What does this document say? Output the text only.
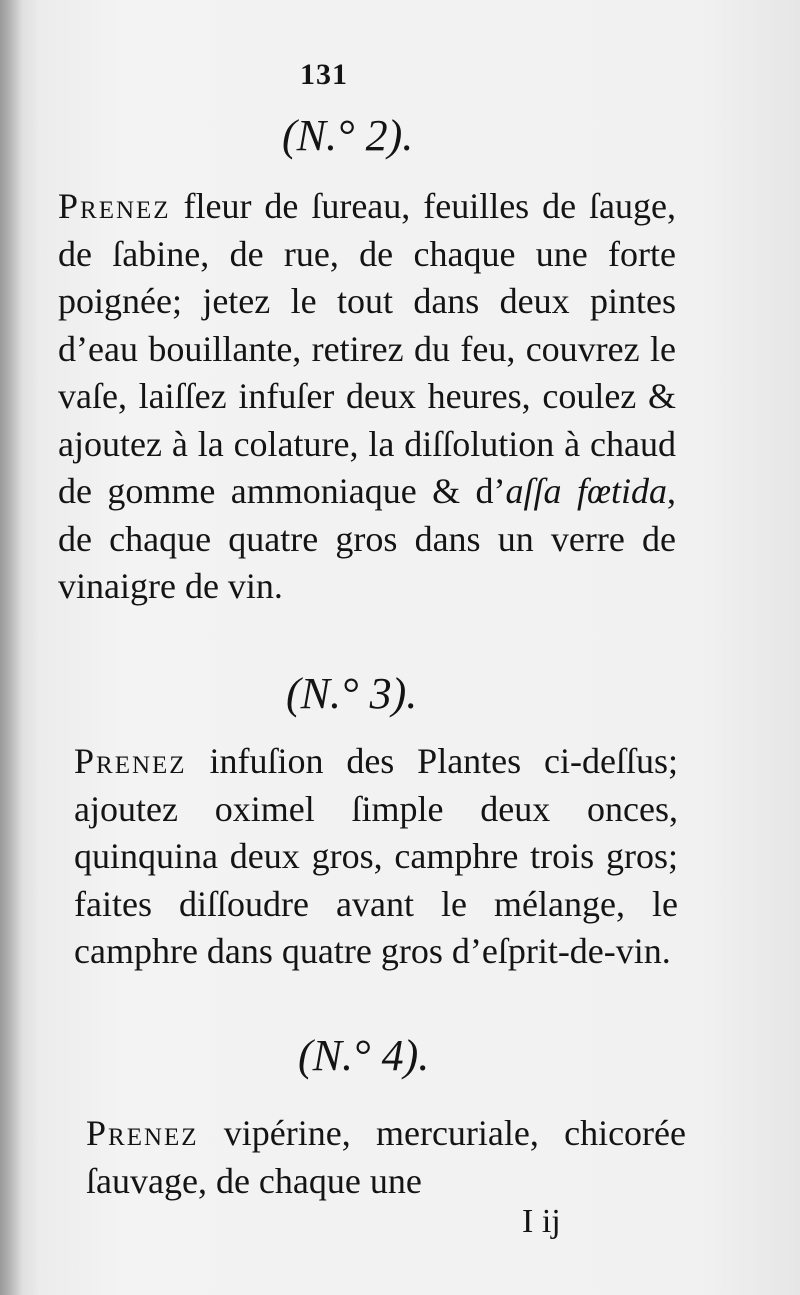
131
(N.° 2).
Prenez fleur de ſureau, feuilles de ſauge, de ſabine, de rue, de chaque une forte poignée; jetez le tout dans deux pintes d’eau bouillante, retirez du feu, couvrez le vaſe, laiſſez infuſer deux heures, coulez & ajoutez à la colature, la diſſolution à chaud de gomme ammoniaque & d’aſſa fœtida, de chaque quatre gros dans un verre de vinaigre de vin.
(N.° 3).
Prenez infuſion des Plantes ci-deſſus; ajoutez oximel ſimple deux onces, quinquina deux gros, camphre trois gros; faites diſſoudre avant le mélange, le camphre dans quatre gros d’eſprit-de-vin.
(N.° 4).
Prenez vipérine, mercuriale, chicorée ſauvage, de chaque une
I ij
